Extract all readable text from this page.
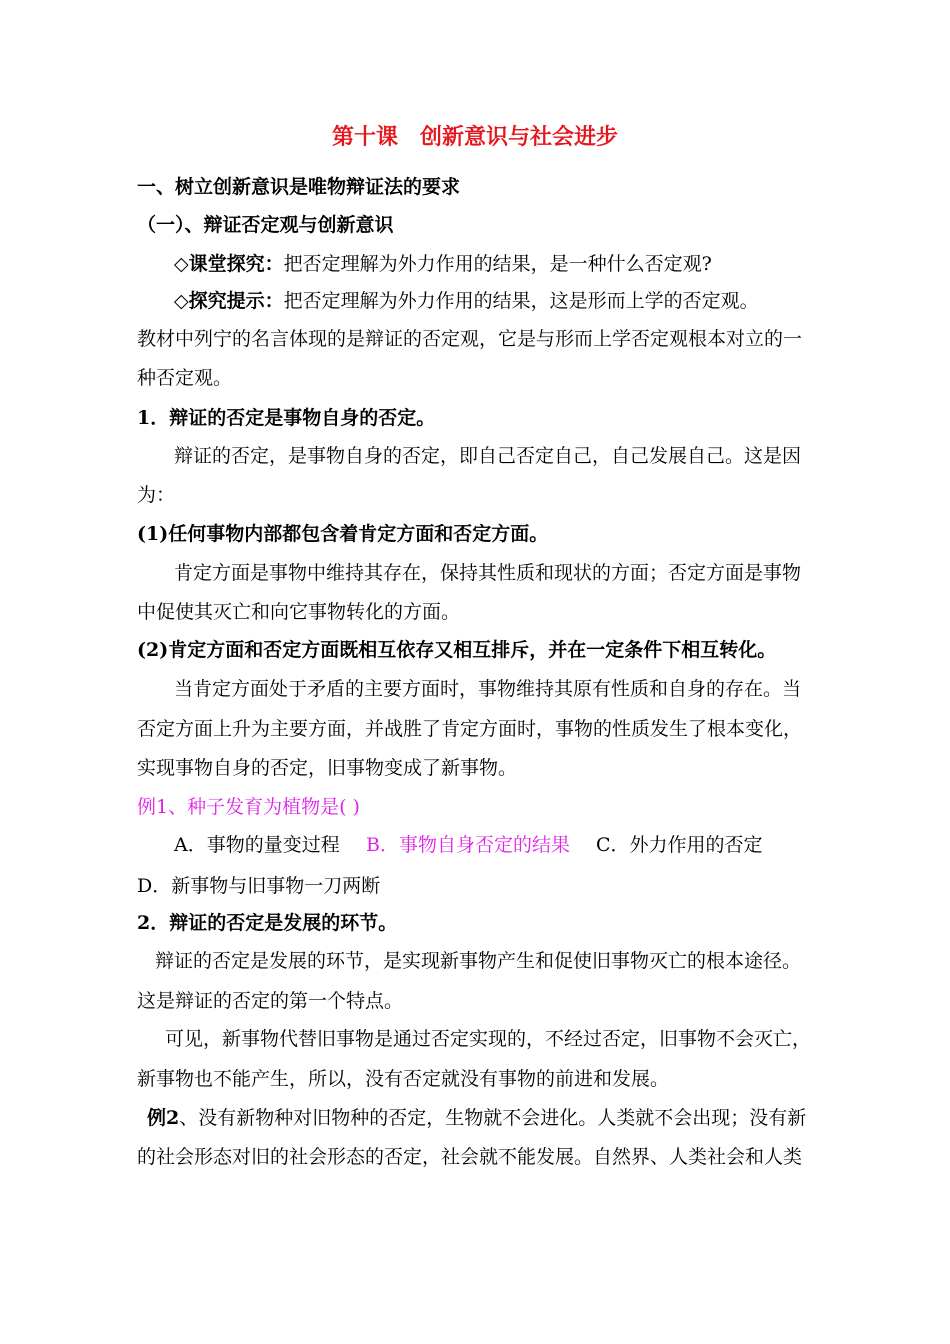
第十课　创新意识与社会进步
一、树立创新意识是唯物辩证法的要求
（一）、辩证否定观与创新意识
◇课堂探究：把否定理解为外力作用的结果，是一种什么否定观?
◇探究提示：把否定理解为外力作用的结果，这是形而上学的否定观。
教材中列宁的名言体现的是辩证的否定观，它是与形而上学否定观根本对立的一
种否定观。
1．辩证的否定是事物自身的否定。
辩证的否定，是事物自身的否定，即自己否定自己，自己发展自己。这是因
为：
(1)任何事物内部都包含着肯定方面和否定方面。
肯定方面是事物中维持其存在，保持其性质和现状的方面；否定方面是事物
中促使其灭亡和向它事物转化的方面。
(2)肯定方面和否定方面既相互依存又相互排斥，并在一定条件下相互转化。
当肯定方面处于矛盾的主要方面时，事物维持其原有性质和自身的存在。当
否定方面上升为主要方面，并战胜了肯定方面时，事物的性质发生了根本变化，
实现事物自身的否定，旧事物变成了新事物。
例1、种子发育为植物是( )
A．事物的量变过程 B．事物自身否定的结果 C．外力作用的否定
D．新事物与旧事物一刀两断
2．辩证的否定是发展的环节。
辩证的否定是发展的环节，是实现新事物产生和促使旧事物灭亡的根本途径。
这是辩证的否定的第一个特点。
可见，新事物代替旧事物是通过否定实现的，不经过否定，旧事物不会灭亡，
新事物也不能产生，所以，没有否定就没有事物的前进和发展。
例2、没有新物种对旧物种的否定，生物就不会进化。人类就不会出现；没有新
的社会形态对旧的社会形态的否定，社会就不能发展。自然界、人类社会和人类
